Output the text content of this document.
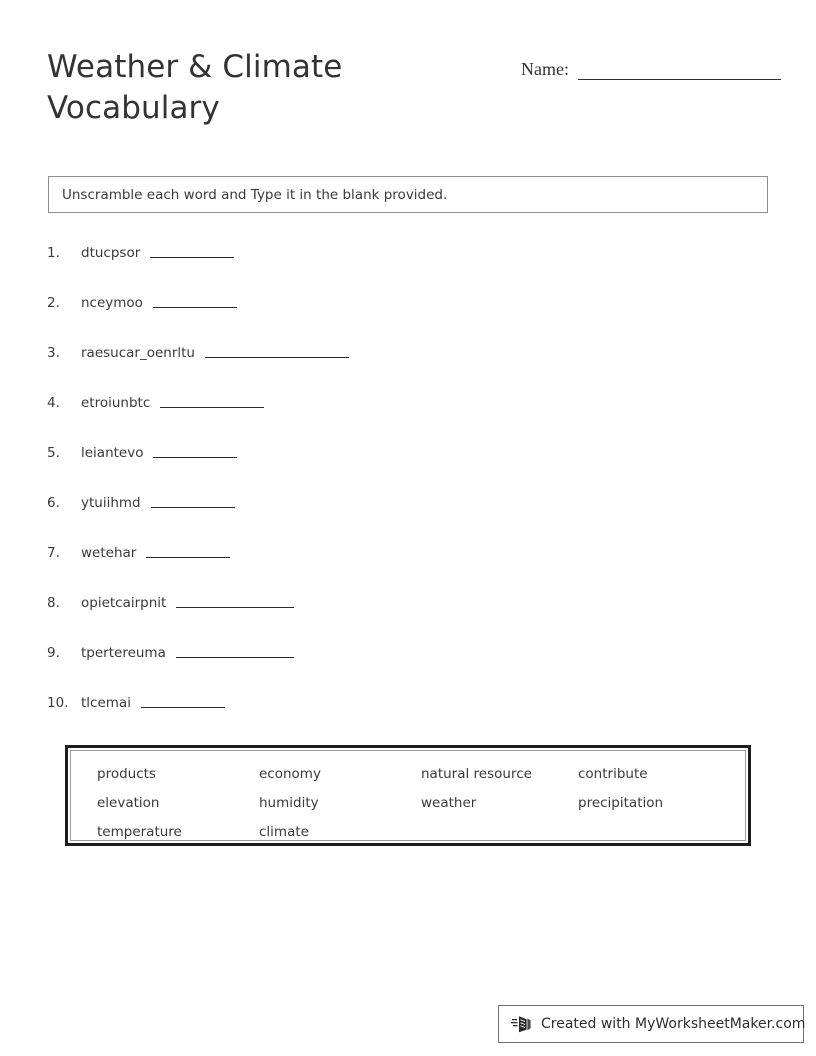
Weather & Climate
Vocabulary
Name:
Unscramble each word and Type it in the blank provided.
1.	dtucpsor
2.	nceymoo
3.	raesucar_oenrltu
4.	etroiunbtc
5.	leiantevo
6.	ytuiihmd
7.	wetehar
8.	opietcairpnit
9.	tpertereuma
10. tlcemai
products	economy	natural resource	contribute
elevation	humidity	weather	precipitation
temperature	climate
Created with MyWorksheetMaker.com
